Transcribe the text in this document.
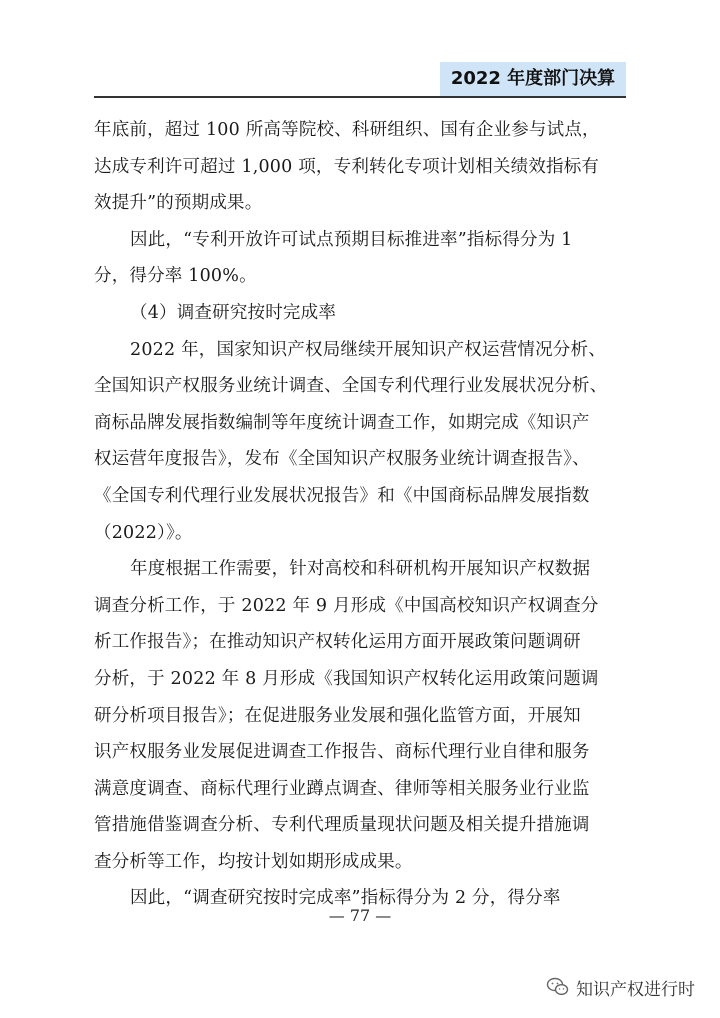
2022 年度部门决算
年底前，超过 100 所高等院校、科研组织、国有企业参与试点，
达成专利许可超过 1,000 项，专利转化专项计划相关绩效指标有
效提升”的预期成果。
因此，“专利开放许可试点预期目标推进率”指标得分为 1
分，得分率 100%。
（4）调查研究按时完成率
2022 年，国家知识产权局继续开展知识产权运营情况分析、
全国知识产权服务业统计调查、全国专利代理行业发展状况分析、
商标品牌发展指数编制等年度统计调查工作，如期完成《知识产
权运营年度报告》，发布《全国知识产权服务业统计调查报告》、
《全国专利代理行业发展状况报告》和《中国商标品牌发展指数
（2022）》。
年度根据工作需要，针对高校和科研机构开展知识产权数据
调查分析工作，于 2022 年 9 月形成《中国高校知识产权调查分
析工作报告》；在推动知识产权转化运用方面开展政策问题调研
分析，于 2022 年 8 月形成《我国知识产权转化运用政策问题调
研分析项目报告》；在促进服务业发展和强化监管方面，开展知
识产权服务业发展促进调查工作报告、商标代理行业自律和服务
满意度调查、商标代理行业蹲点调查、律师等相关服务业行业监
管措施借鉴调查分析、专利代理质量现状问题及相关提升措施调
查分析等工作，均按计划如期形成成果。
因此，“调查研究按时完成率”指标得分为 2 分，得分率
— 77 —
知识产权进行时
